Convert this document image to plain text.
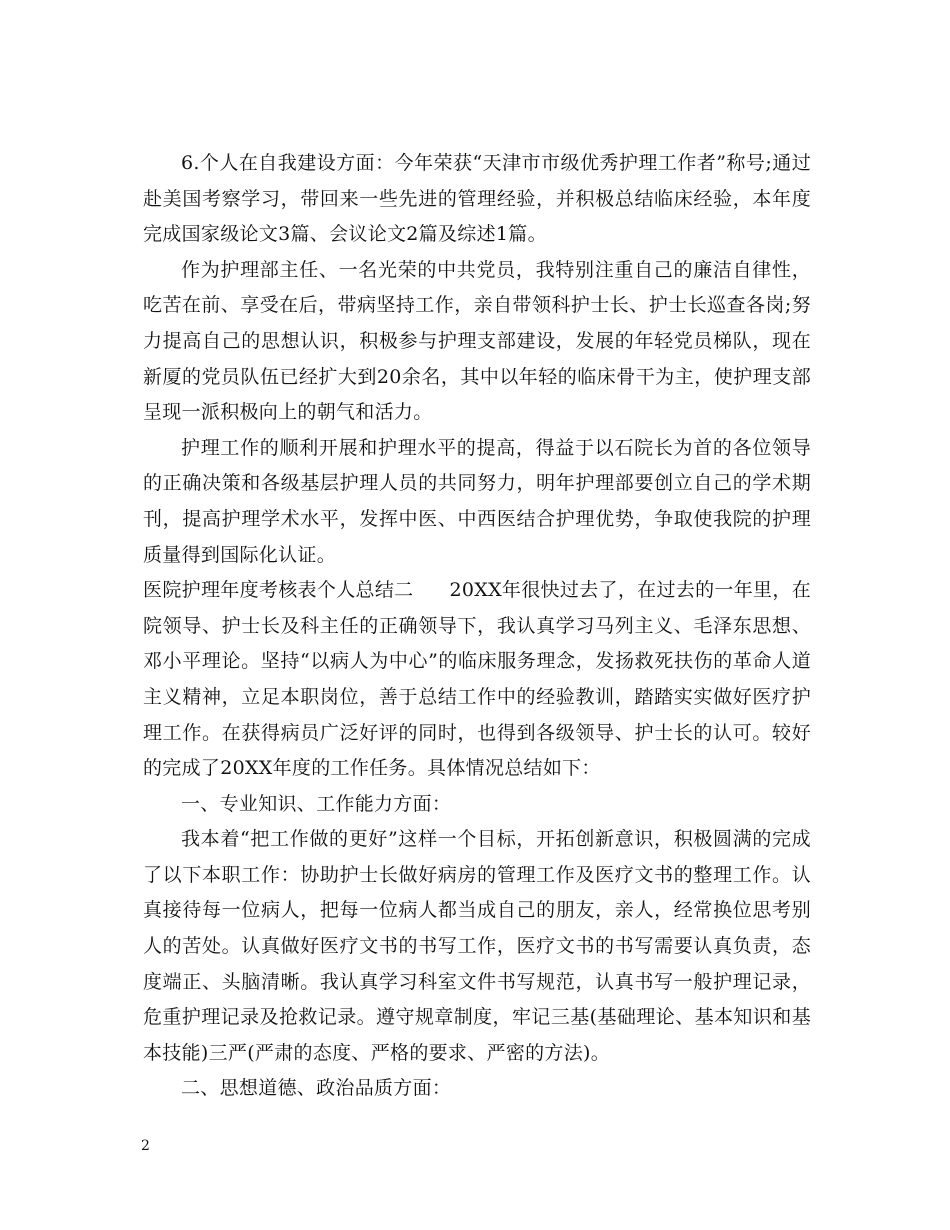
6.个人在自我建设方面：今年荣获“天津市市级优秀护理工作者”称号;通过赴美国考察学习，带回来一些先进的管理经验，并积极总结临床经验，本年度完成国家级论文3篇、会议论文2篇及综述1篇。

作为护理部主任、一名光荣的中共党员，我特别注重自己的廉洁自律性，吃苦在前、享受在后，带病坚持工作，亲自带领科护士长、护士长巡查各岗;努力提高自己的思想认识，积极参与护理支部建设，发展的年轻党员梯队，现在新厦的党员队伍已经扩大到20余名，其中以年轻的临床骨干为主，使护理支部呈现一派积极向上的朝气和活力。

护理工作的顺利开展和护理水平的提高，得益于以石院长为首的各位领导的正确决策和各级基层护理人员的共同努力，明年护理部要创立自己的学术期刊，提高护理学术水平，发挥中医、中西医结合护理优势，争取使我院的护理质量得到国际化认证。

医院护理年度考核表个人总结二 20XX年很快过去了，在过去的一年里，在院领导、护士长及科主任的正确领导下，我认真学习马列主义、毛泽东思想、邓小平理论。坚持“以病人为中心”的临床服务理念，发扬救死扶伤的革命人道主义精神，立足本职岗位，善于总结工作中的经验教训，踏踏实实做好医疗护理工作。在获得病员广泛好评的同时，也得到各级领导、护士长的认可。较好的完成了20XX年度的工作任务。具体情况总结如下：

一、专业知识、工作能力方面：

我本着“把工作做的更好”这样一个目标，开拓创新意识，积极圆满的完成了以下本职工作：协助护士长做好病房的管理工作及医疗文书的整理工作。认真接待每一位病人，把每一位病人都当成自己的朋友，亲人，经常换位思考别人的苦处。认真做好医疗文书的书写工作，医疗文书的书写需要认真负责，态度端正、头脑清晰。我认真学习科室文件书写规范，认真书写一般护理记录，危重护理记录及抢救记录。遵守规章制度，牢记三基(基础理论、基本知识和基本技能)三严(严肃的态度、严格的要求、严密的方法)。

二、思想道德、政治品质方面：

2
